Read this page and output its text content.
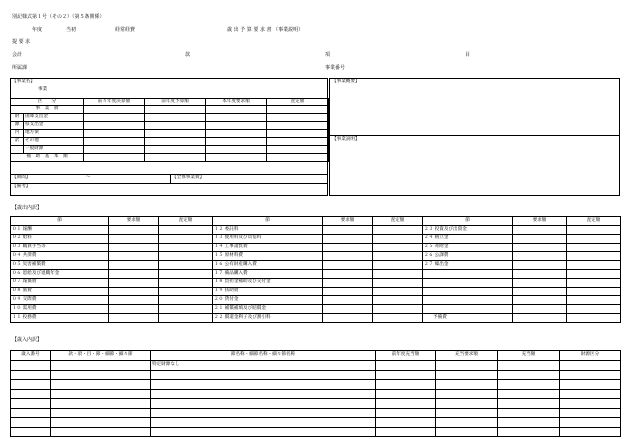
別記様式第１号（その２）（第５条関係）
年度	当初	経常経費	歳 出 予 算 要 求 書 （事業説明）
提 要 求
会計	款	項	目
所属課	事業番号
【事業名】
事業
区　　分		前々年度決算額	前年度予算額	本年度要求額	査定額
事　業　費					
財	国庫支出金				
源	県支出金				
内	地方債				
訳	その他				
	一般財源				
補　助　基　本　額					
【期間】	〜	【全体事業費】
【備考】
【事業概要】
【事業説明】
【歳出内訳】
節	要求額	査定額	節	要求額	査定額	節	要求額	査定額
０１ 報酬			１２ 委託料			２３ 投資及び出資金		
０２ 給料			１３ 使用料及び賃借料			２４ 積立金		
０３ 職員手当等			１４ 工事請負費			２５ 寄附金		
０４ 共済費			１５ 原材料費			２６ 公課費		
０５ 災害補償費			１６ 公有財産購入費			２７ 繰出金		
０６ 恩給及び退職年金			１７ 備品購入費					
０７ 報償費			１８ 負担金補助及び交付金					
０８ 旅費			１９ 扶助費					
０９ 交際費			２０ 貸付金					
１０ 需用費			２１ 補償補填及び賠償金					
１１ 役務費			２２ 償還金利子及び割引料			予備費		
【歳入内訳】
歳入番号	款・項・目・節・細節・細々節	節名称・細節名称・細々節名称	前年度充当額	充当要求額	充当額	財源区分
		特定財源なし				
